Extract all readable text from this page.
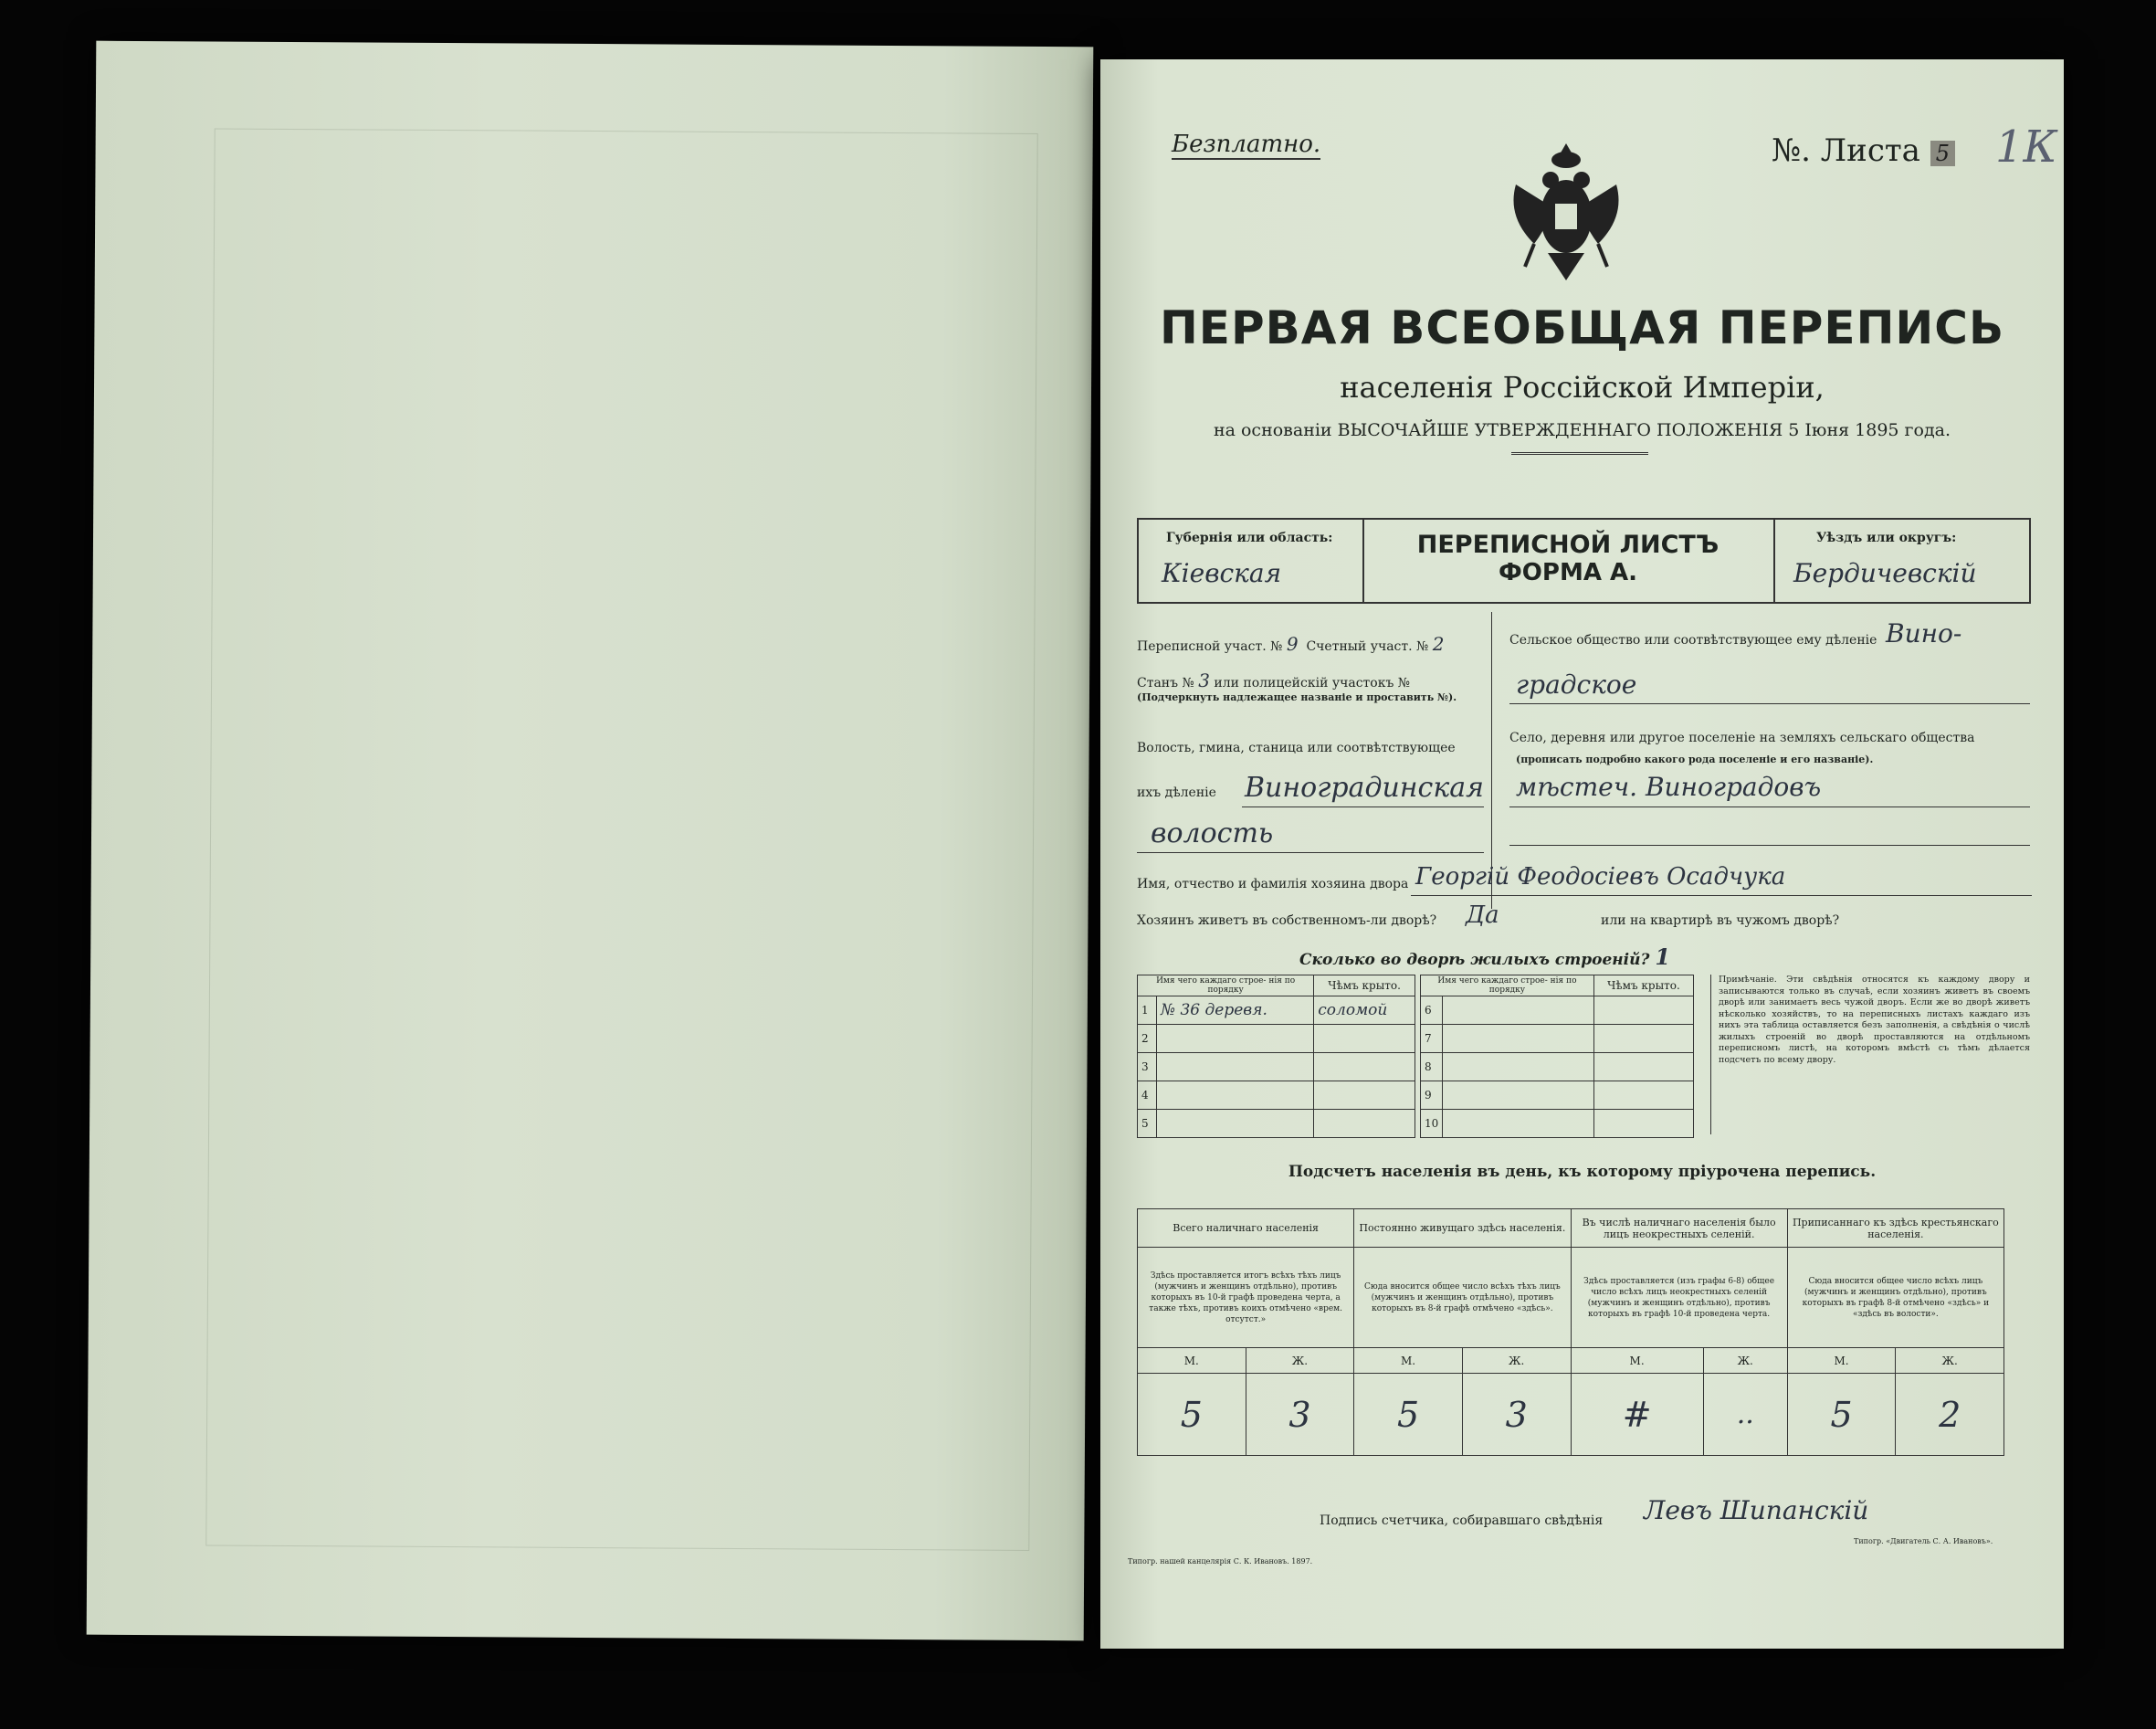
Безплатно.	№. Листа 5 1К
ПЕРВАЯ ВСЕОБЩАЯ ПЕРЕПИСЬ
населенія Россійской Имперіи,
на основаніи ВЫСОЧАЙШЕ УТВЕРЖДЕННАГО ПОЛОЖЕНІЯ 5 Іюня 1895 года.
Губернія или область:
Кіевская
ПЕРЕПИСНОЙ ЛИСТЪ
ФОРМА А.
Уѣздъ или округъ:
Бердичевскій
Переписной участ. № 9 Счетный участ. № 2
Станъ № 3 или полицейскій участокъ №
(Подчеркнуть надлежащее названіе и проставить №).
Волость, гмина, станица или соотвѣтствующее
ихъ дѣленіе Виноградинская
волость
Сельское общество или соотвѣтствующее ему дѣленіе Вино-
градское
Село, деревня или другое поселеніе на земляхъ сельскаго общества
(прописать подробно какого рода поселеніе и его названіе).
мѣстеч. Виноградовъ
Имя, отчество и фамилія хозяина двора Георгій Феодосіевъ Осадчука
Хозяинъ живетъ въ собственномъ-ли дворѣ? Да	или на квартирѣ въ чужомъ дворѣ?
Сколько во дворѣ жилыхъ строеній? 1
Имя чего каждаго строе- нія по порядку		Чѣмъ крыто.
1	№ 36 деревя.	соломой
2		
3		
4		
5		
Имя чего каждаго строе- нія по порядку		Чѣмъ крыто.
6		
7		
8		
9		
10		
Примѣчаніе. Эти свѣдѣнія относятся къ каждому двору и записываются только въ случаѣ, если хозяинъ живетъ въ своемъ дворѣ или занимаетъ весь чужой дворъ. Если же во дворѣ живетъ нѣсколько хозяйствъ, то на переписныхъ листахъ каждаго изъ нихъ эта таблица оставляется безъ заполненія, а свѣдѣнія о числѣ жилыхъ строеній во дворѣ проставляются на отдѣльномъ переписномъ листѣ, на которомъ вмѣстѣ съ тѣмъ дѣлается подсчетъ по всему двору.
Подсчетъ населенія въ день, къ которому пріурочена перепись.
Всего наличнаго населенія		Постоянно живущаго здѣсь населенія.		Въ числѣ наличнаго населенія было лицъ неокрестныхъ селеній.		Приписаннаго къ здѣсь крестьянскаго населенія.	
Здѣсь проставляется итогъ всѣхъ тѣхъ лицъ (мужчинъ и женщинъ отдѣльно), противъ которыхъ въ 10-й графѣ проведена черта, а также тѣхъ, противъ коихъ отмѣчено «врем. отсутст.»		Сюда вносится общее число всѣхъ тѣхъ лицъ (мужчинъ и женщинъ отдѣльно), противъ которыхъ въ 8-й графѣ отмѣчено «здѣсь».		Здѣсь проставляется (изъ графы 6-8) общее число всѣхъ лицъ неокрестныхъ селеній (мужчинъ и женщинъ отдѣльно), противъ которыхъ въ графѣ 10-й проведена черта.		Сюда вносится общее число всѣхъ лицъ (мужчинъ и женщинъ отдѣльно), противъ которыхъ въ графѣ 8-й отмѣчено «здѣсь» и «здѣсь въ волости».	
М.	Ж.	М.	Ж.	М.	Ж.	М.	Ж.
5	3	5	3	#	..	5	2
Подпись счетчика, собиравшаго свѣдѣнія Левъ Шипанскій
Типогр. нашей канцелярія С. К. Ивановъ. 1897.
Типогр. «Двигатель С. А. Ивановъ».
